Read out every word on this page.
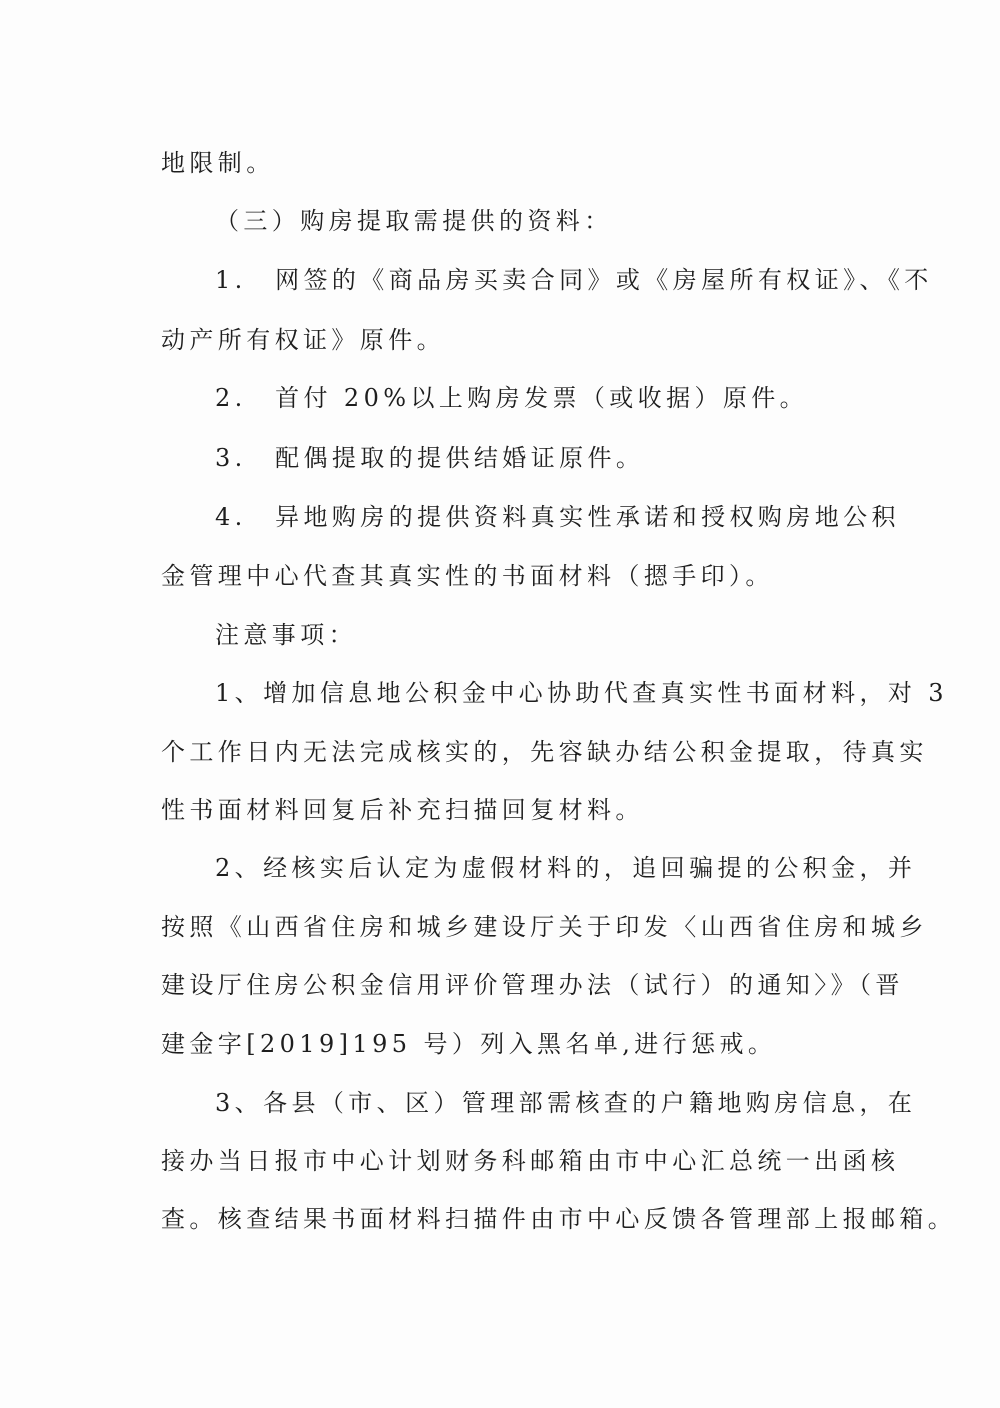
地限制。
（三）购房提取需提供的资料：
1.　网签的《商品房买卖合同》或《房屋所有权证》、《不
动产所有权证》原件。
2.　首付 20%以上购房发票（或收据）原件。
3.　配偶提取的提供结婚证原件。
4.　异地购房的提供资料真实性承诺和授权购房地公积
金管理中心代查其真实性的书面材料（摁手印）。
注意事项：
1、增加信息地公积金中心协助代查真实性书面材料，对 3
个工作日内无法完成核实的，先容缺办结公积金提取，待真实
性书面材料回复后补充扫描回复材料。
2、经核实后认定为虚假材料的，追回骗提的公积金，并
按照《山西省住房和城乡建设厅关于印发〈山西省住房和城乡
建设厅住房公积金信用评价管理办法（试行）的通知〉》（晋
建金字[2019]195 号）列入黑名单,进行惩戒。
3、各县（市、区）管理部需核查的户籍地购房信息，在
接办当日报市中心计划财务科邮箱由市中心汇总统一出函核
查。核查结果书面材料扫描件由市中心反馈各管理部上报邮箱。
